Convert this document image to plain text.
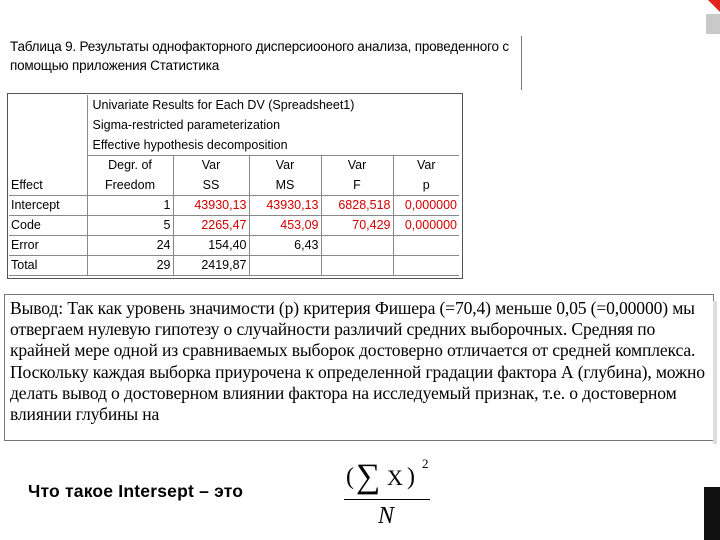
Таблица 9. Результаты однофакторного дисперсиооного анализа, проведенного с помощью приложения Статистика
	Univariate Results for Each DV (Spreadsheet1)				
	Sigma-restricted parameterization				
	Effective hypothesis decomposition				
	Degr. of	Var	Var	Var	Var
Effect	Freedom	SS	MS	F	p
Intercept	1	43930,13	43930,13	6828,518	0,000000
Code	5	2265,47	453,09	70,429	0,000000
Error	24	154,40	6,43		
Total	29	2419,87			

Вывод: Так как уровень значимости (р) критерия Фишера (=70,4) меньше 0,05 (=0,00000) мы отвергаем нулевую гипотезу о случайности различий средних выборочных. Средняя по крайней мере одной из сравниваемых выборок достоверно отличается от средней комплекса. Поскольку каждая выборка приурочена к определенной градации фактора А (глубина), можно делать вывод о достоверном влиянии фактора на исследуемый признак, т.е. о достоверном влиянии глубины на

Что такое Intersept – это
( ∑ X )
2
N
